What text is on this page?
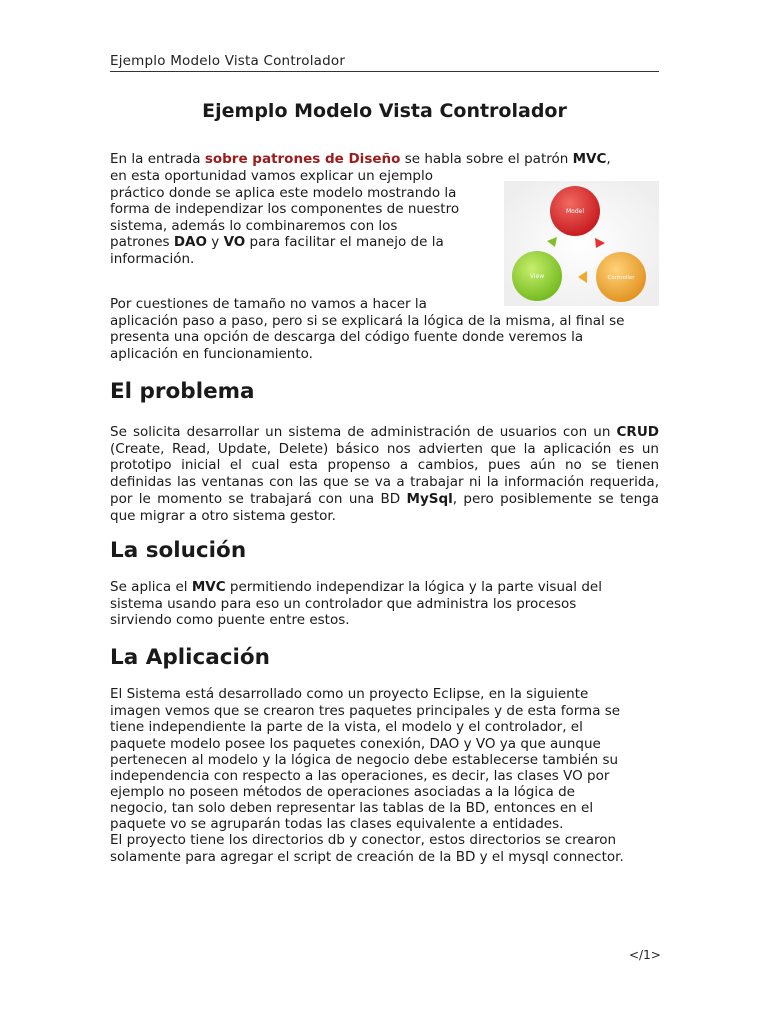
Ejemplo Modelo Vista Controlador
Ejemplo Modelo Vista Controlador

En la entrada sobre patrones de Diseño se habla sobre el patrón MVC,

en esta oportunidad vamos explicar un ejemplo

práctico donde se aplica este modelo mostrando la

forma de independizar los componentes de nuestro

sistema, además lo combinaremos con los

patrones DAO y VO para facilitar el manejo de la

información.

Model
View	Controller

Por cuestiones de tamaño no vamos a hacer la

aplicación paso a paso, pero si se explicará la lógica de la misma, al final se

presenta una opción de descarga del código fuente donde veremos la

aplicación en funcionamiento.

El problema

Se solicita desarrollar un sistema de administración de usuarios con un CRUD (Create, Read, Update, Delete) básico nos advierten que la aplicación es un prototipo inicial el cual esta propenso a cambios, pues aún no se tienen definidas las ventanas con las que se va a trabajar ni la información requerida, por le momento se trabajará con una BD MySql, pero posiblemente se tenga que migrar a otro sistema gestor.

La solución

Se aplica el MVC permitiendo independizar la lógica y la parte visual del

sistema usando para eso un controlador que administra los procesos

sirviendo como puente entre estos.

La Aplicación

El Sistema está desarrollado como un proyecto Eclipse, en la siguiente

imagen vemos que se crearon tres paquetes principales y de esta forma se

tiene independiente la parte de la vista, el modelo y el controlador, el

paquete modelo posee los paquetes conexión, DAO y VO ya que aunque

pertenecen al modelo y la lógica de negocio debe establecerse también su

independencia con respecto a las operaciones, es decir, las clases VO por

ejemplo no poseen métodos de operaciones asociadas a la lógica de

negocio, tan solo deben representar las tablas de la BD, entonces en el

paquete vo se agruparán todas las clases equivalente a entidades.

El proyecto tiene los directorios db y conector, estos directorios se crearon

solamente para agregar el script de creación de la BD y el mysql connector.

</1>
